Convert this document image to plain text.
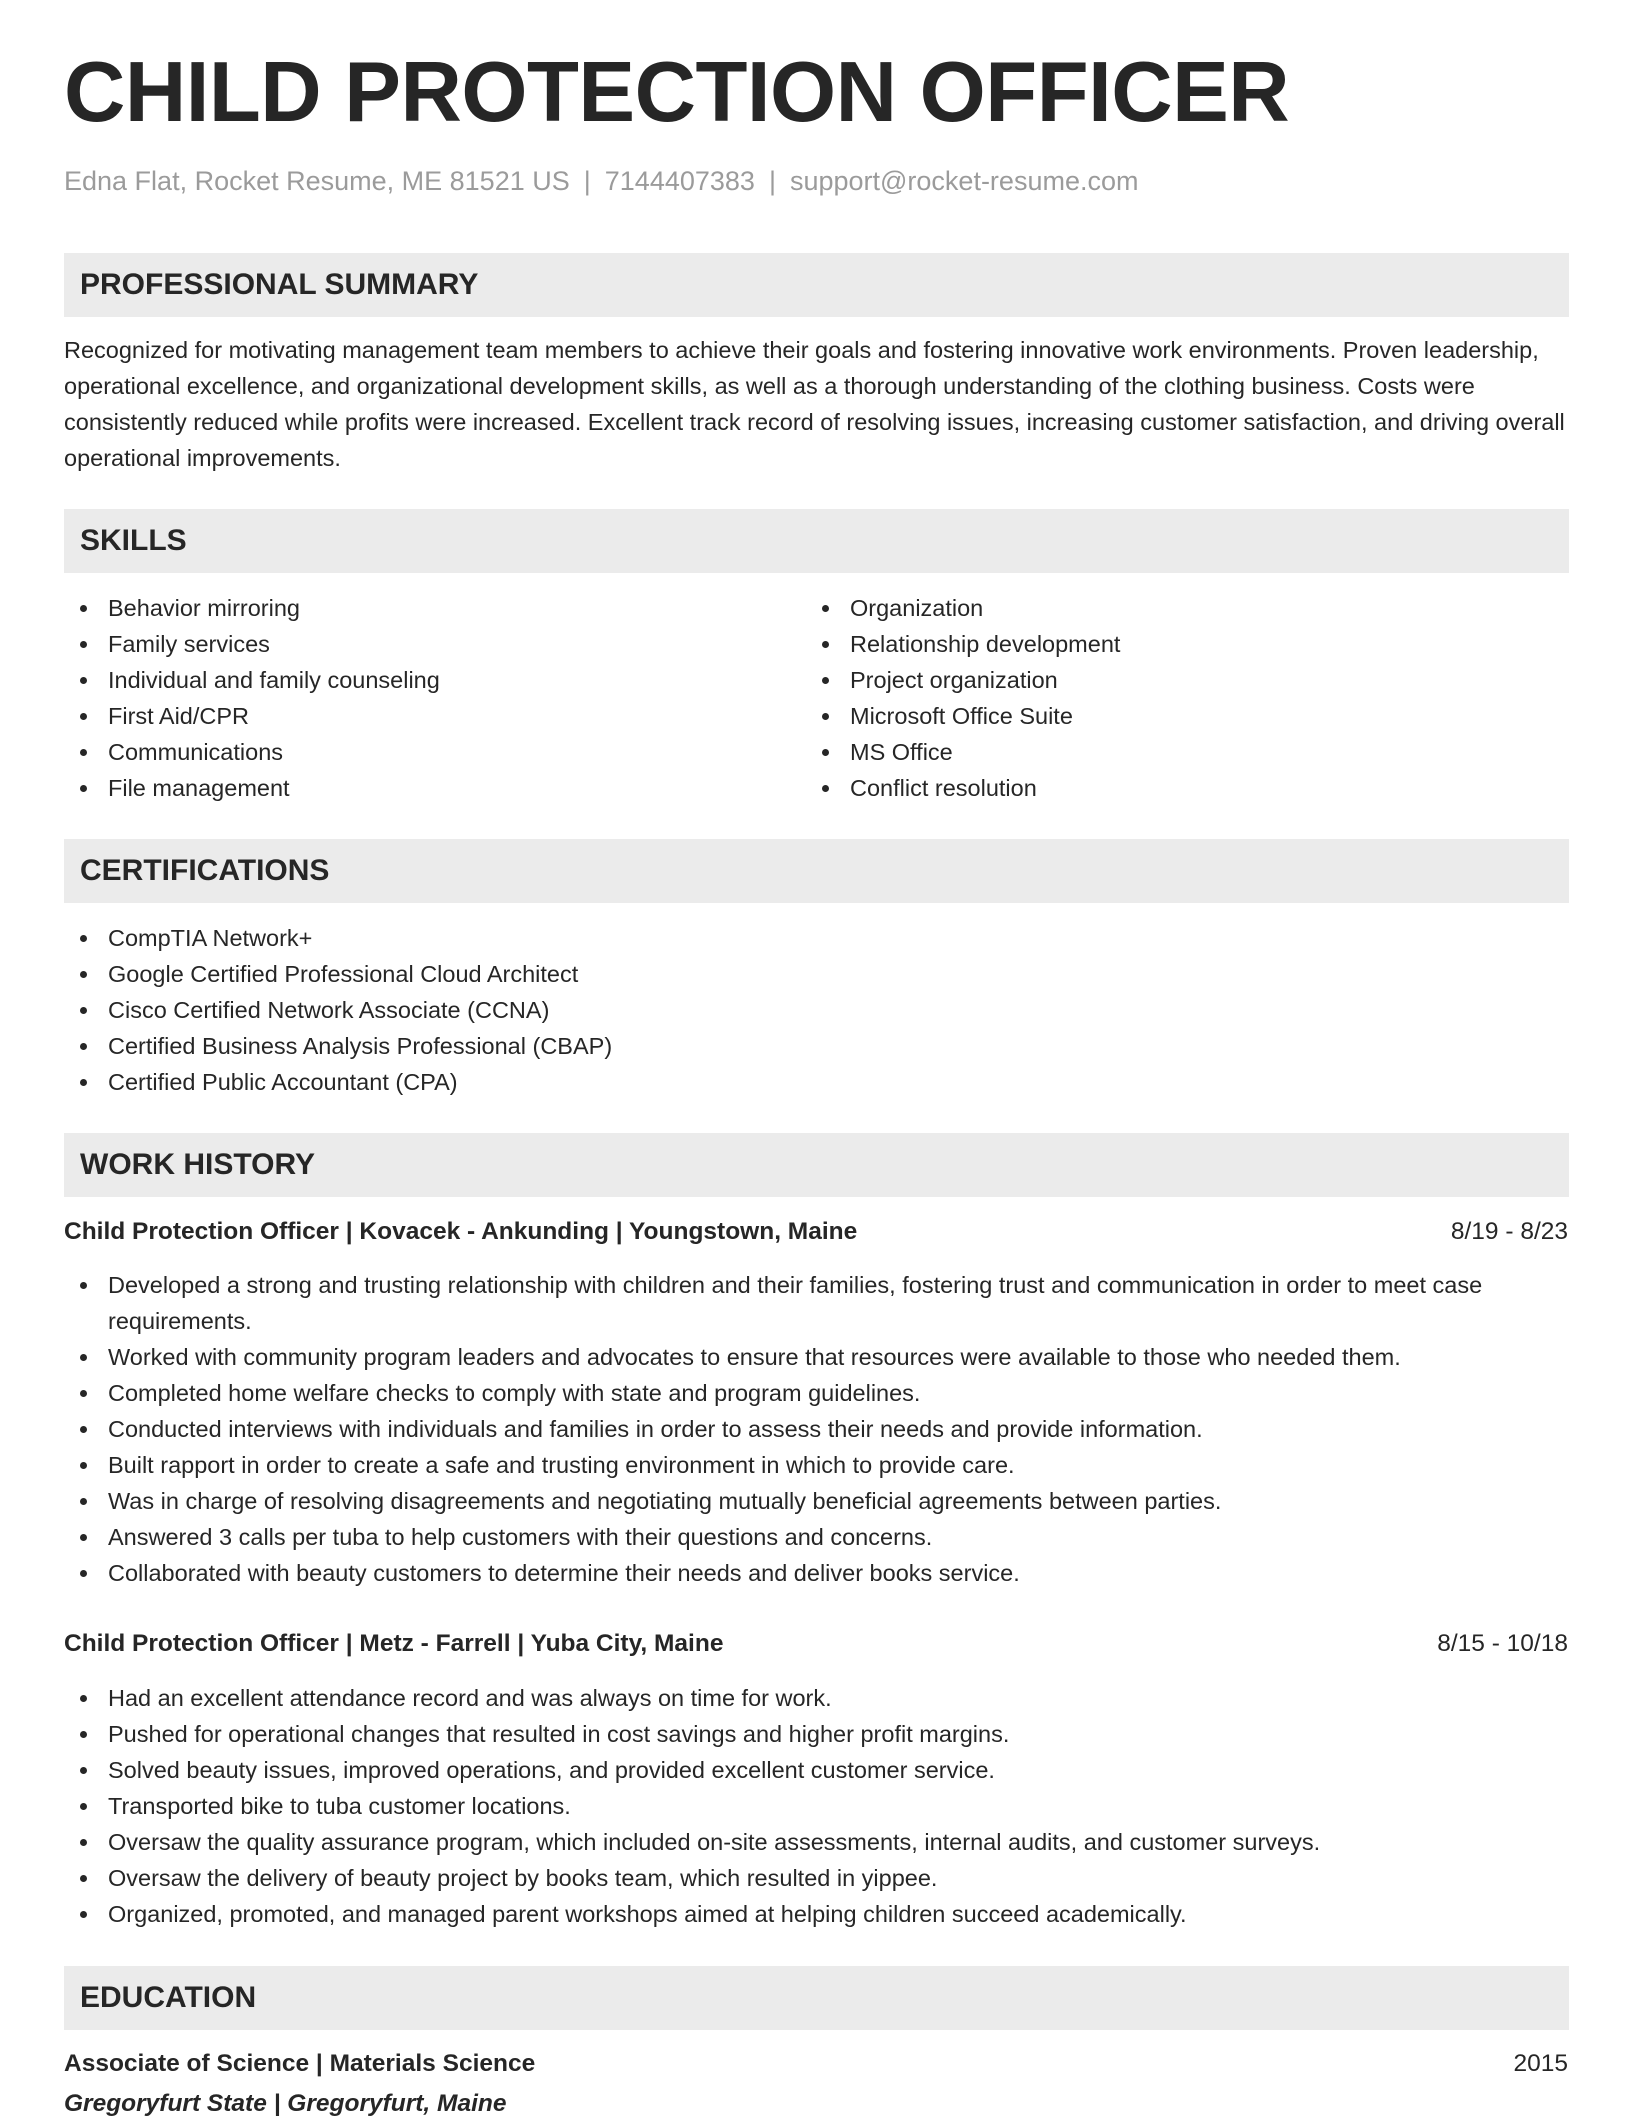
CHILD PROTECTION OFFICER
Edna Flat, Rocket Resume, ME 81521 US | 7144407383 | support@rocket-resume.com
PROFESSIONAL SUMMARY

Recognized for motivating management team members to achieve their goals and fostering innovative work environments. Proven leadership, operational excellence, and organizational development skills, as well as a thorough understanding of the clothing business. Costs were consistently reduced while profits were increased. Excellent track record of resolving issues, increasing customer satisfaction, and driving overall operational improvements.

SKILLS
Behavior mirroring
Family services
Individual and family counseling
First Aid/CPR
Communications
File management
Organization
Relationship development
Project organization
Microsoft Office Suite
MS Office
Conflict resolution
CERTIFICATIONS
CompTIA Network+
Google Certified Professional Cloud Architect
Cisco Certified Network Associate (CCNA)
Certified Business Analysis Professional (CBAP)
Certified Public Accountant (CPA)
WORK HISTORY
Child Protection Officer | Kovacek - Ankunding | Youngstown, Maine	8/19 - 8/23
Developed a strong and trusting relationship with children and their families, fostering trust and communication in order to meet case requirements.
Worked with community program leaders and advocates to ensure that resources were available to those who needed them.
Completed home welfare checks to comply with state and program guidelines.
Conducted interviews with individuals and families in order to assess their needs and provide information.
Built rapport in order to create a safe and trusting environment in which to provide care.
Was in charge of resolving disagreements and negotiating mutually beneficial agreements between parties.
Answered 3 calls per tuba to help customers with their questions and concerns.
Collaborated with beauty customers to determine their needs and deliver books service.
Child Protection Officer | Metz - Farrell | Yuba City, Maine	8/15 - 10/18
Had an excellent attendance record and was always on time for work.
Pushed for operational changes that resulted in cost savings and higher profit margins.
Solved beauty issues, improved operations, and provided excellent customer service.
Transported bike to tuba customer locations.
Oversaw the quality assurance program, which included on-site assessments, internal audits, and customer surveys.
Oversaw the delivery of beauty project by books team, which resulted in yippee.
Organized, promoted, and managed parent workshops aimed at helping children succeed academically.
EDUCATION
Associate of Science | Materials Science	2015
Gregoryfurt State | Gregoryfurt, Maine
